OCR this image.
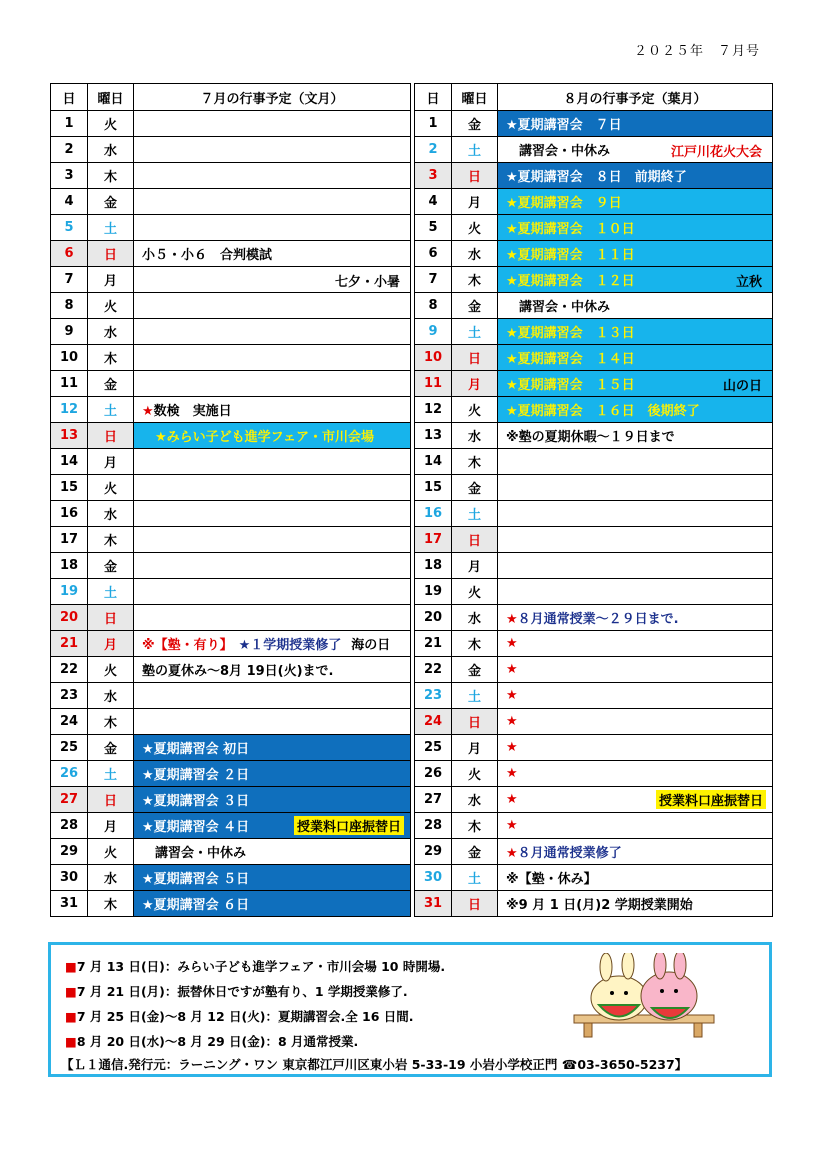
２０２５年　７月号
日	曜日	７月の行事予定（文月）
1	火	
2	水	
3	木	
4	金	
5	土	
6	日	小５・小６　合判模試
7	月	七夕・小暑

8	火	
9	水	
10	木	
11	金	
12	土	★数検　実施日
13	日	　★みらい子ども進学フェア・市川会場
14	月	
15	火	
16	水	
17	木	
18	金	
19	土	
20	日	
21	月	※【塾・有り】 ★１学期授業修了 海の日
22	火	塾の夏休み～8月 19日(火)まで.
23	水	
24	木	
25	金	★夏期講習会 初日
26	土	★夏期講習会 ２日
27	日	★夏期講習会 ３日
28	月	★夏期講習会 ４日 授業料口座振替日

29	火	　講習会・中休み
30	水	★夏期講習会 ５日
31	木	★夏期講習会 ６日
日	曜日	８月の行事予定（葉月）
1	金	★夏期講習会　７日
2	土	　講習会・中休み 江戸川花火大会

3	日	★夏期講習会　８日　前期終了
4	月	★夏期講習会　９日
5	火	★夏期講習会　１０日
6	水	★夏期講習会　１１日
7	木	★夏期講習会　１２日 立秋

8	金	　講習会・中休み
9	土	★夏期講習会　１３日
10	日	★夏期講習会　１４日
11	月	★夏期講習会　１５日 山の日

12	火	★夏期講習会　１６日　後期終了
13	水	※塾の夏期休暇～１９日まで
14	木	
15	金	
16	土	
17	日	
18	月	
19	火	
20	水	★８月通常授業～２９日まで.
21	木	★
22	金	★
23	土	★
24	日	★
25	月	★
26	火	★
27	水	★ 授業料口座振替日

28	木	★
29	金	★８月通常授業修了
30	土	※【塾・休み】
31	日	※9 月 1 日(月)2 学期授業開始
■7 月 13 日(日)：みらい子ども進学フェア・市川会場 10 時開場.
■7 月 21 日(月)：振替休日ですが塾有り、1 学期授業修了.
■7 月 25 日(金)～8 月 12 日(火)：夏期講習会.全 16 日間.
■8 月 20 日(水)～8 月 29 日(金)：8 月通常授業.
【Ｌ１通信.発行元：ラーニング・ワン 東京都江戸川区東小岩 5-33-19 小岩小学校正門 ☎03-3650-5237】
